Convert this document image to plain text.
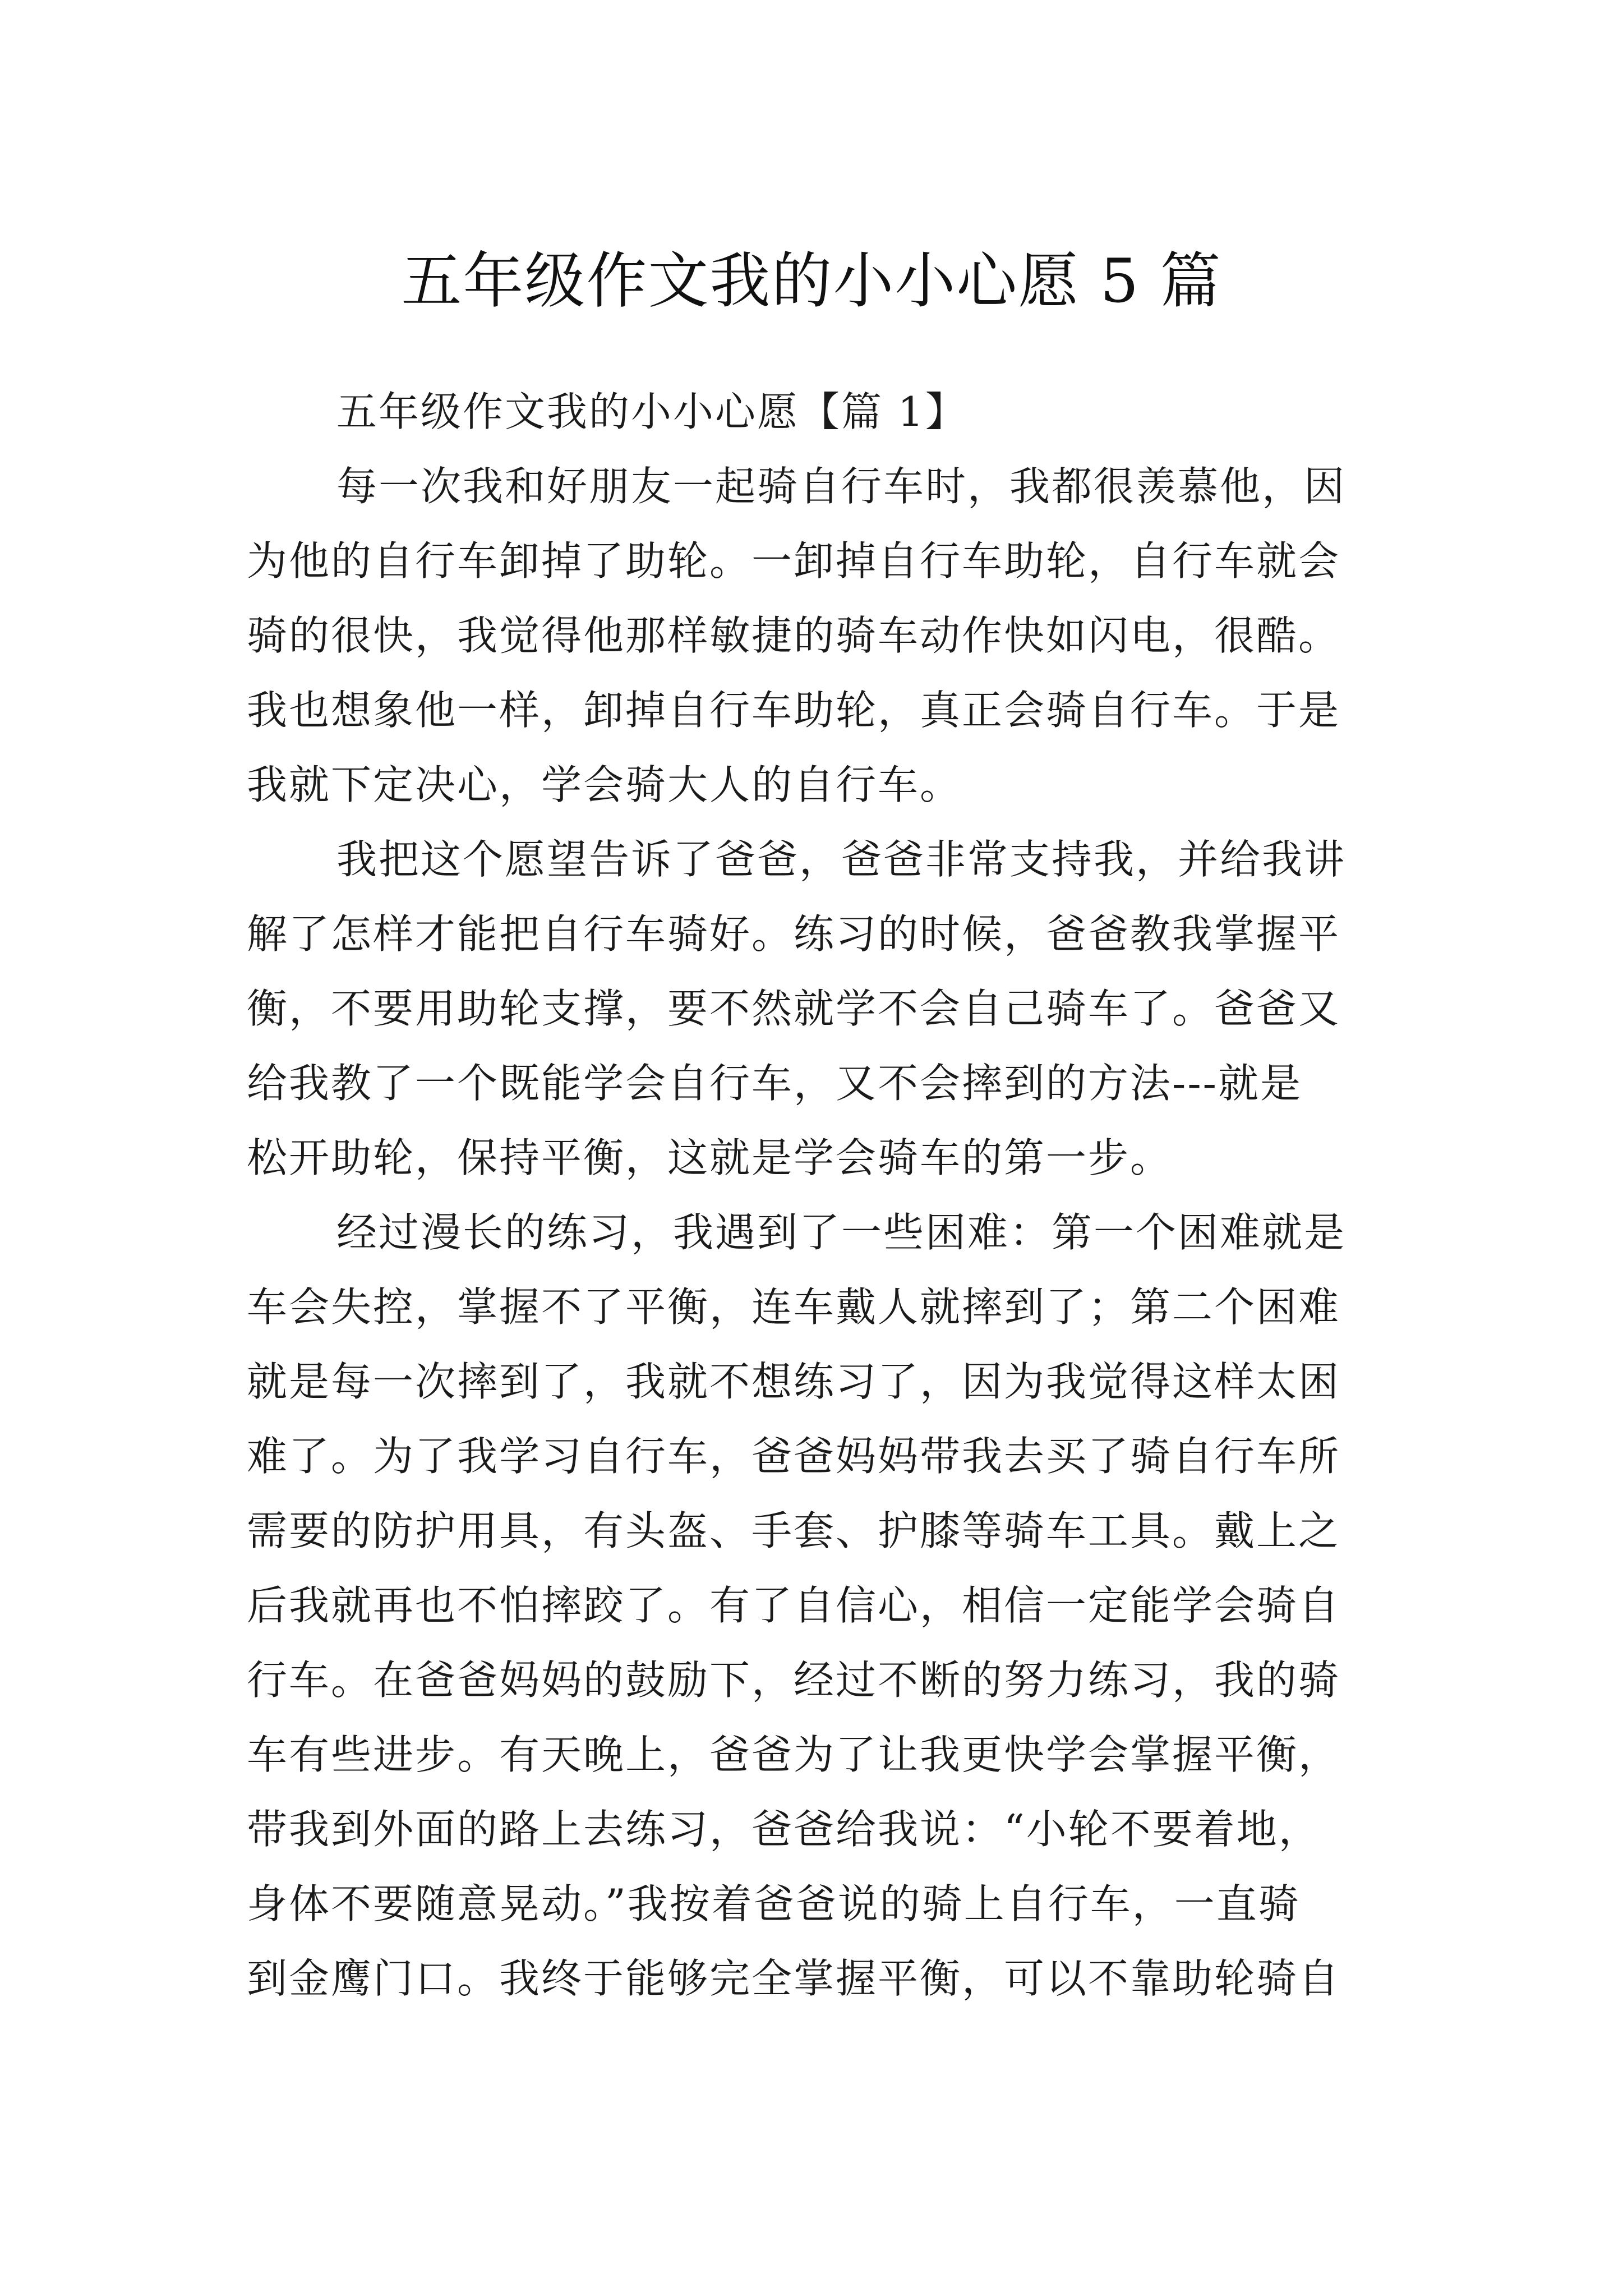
五年级作文我的小小心愿 5 篇
五年级作文我的小小心愿【篇 1】
每一次我和好朋友一起骑自行车时，我都很羡慕他，因
为他的自行车卸掉了助轮。一卸掉自行车助轮，自行车就会
骑的很快，我觉得他那样敏捷的骑车动作快如闪电，很酷。
我也想象他一样，卸掉自行车助轮，真正会骑自行车。于是
我就下定决心，学会骑大人的自行车。
我把这个愿望告诉了爸爸，爸爸非常支持我，并给我讲
解了怎样才能把自行车骑好。练习的时候，爸爸教我掌握平
衡，不要用助轮支撑，要不然就学不会自己骑车了。爸爸又
给我教了一个既能学会自行车，又不会摔到的方法---就是
松开助轮，保持平衡，这就是学会骑车的第一步。
经过漫长的练习，我遇到了一些困难：第一个困难就是
车会失控，掌握不了平衡，连车戴人就摔到了；第二个困难
就是每一次摔到了，我就不想练习了，因为我觉得这样太困
难了。为了我学习自行车，爸爸妈妈带我去买了骑自行车所
需要的防护用具，有头盔、手套、护膝等骑车工具。戴上之
后我就再也不怕摔跤了。有了自信心，相信一定能学会骑自
行车。在爸爸妈妈的鼓励下，经过不断的努力练习，我的骑
车有些进步。有天晚上，爸爸为了让我更快学会掌握平衡，
带我到外面的路上去练习，爸爸给我说：“小轮不要着地，
身体不要随意晃动。”我按着爸爸说的骑上自行车，一直骑
到金鹰门口。我终于能够完全掌握平衡，可以不靠助轮骑自
